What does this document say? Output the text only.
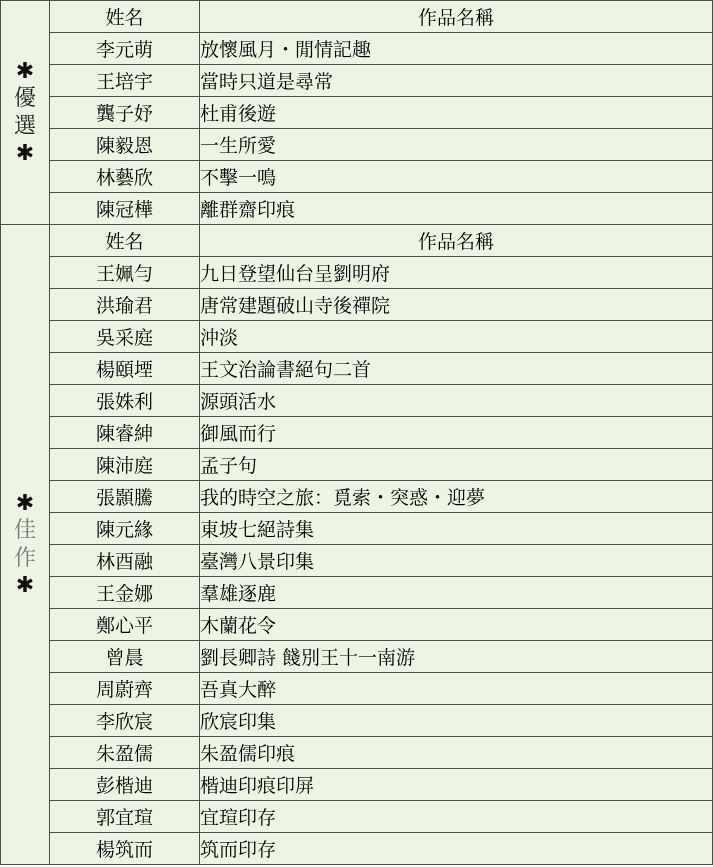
✱
優
選
✱	姓名	作品名稱
	李元萌	放懷風月・閒情記趣
	王培宇	當時只道是尋常
	龔子妤	杜甫後遊
	陳毅恩	一生所愛
	林藝欣	不擊一鳴
	陳冠樺	離群齋印痕

✱
佳
作
✱	姓名	作品名稱
	王姵勻	九日登望仙台呈劉明府
	洪瑜君	唐常建題破山寺後禪院
	吳采庭	沖淡
	楊頤堙	王文治論書絕句二首
	張姝利	源頭活水
	陳睿紳	御風而行
	陳沛庭	孟子句
	張顥騰	我的時空之旅：覓索・突惑・迎夢
	陳元緣	東坡七絕詩集
	林酉融	臺灣八景印集
	王金娜	羣雄逐鹿
	鄭心平	木蘭花令
	曾晨	劉長卿詩 餞別王十一南游
	周蔚齊	吾真大醉
	李欣宸	欣宸印集
	朱盈儒	朱盈儒印痕
	彭楷迪	楷迪印痕印屏
	郭宜瑄	宜瑄印存
	楊筑而	筑而印存
